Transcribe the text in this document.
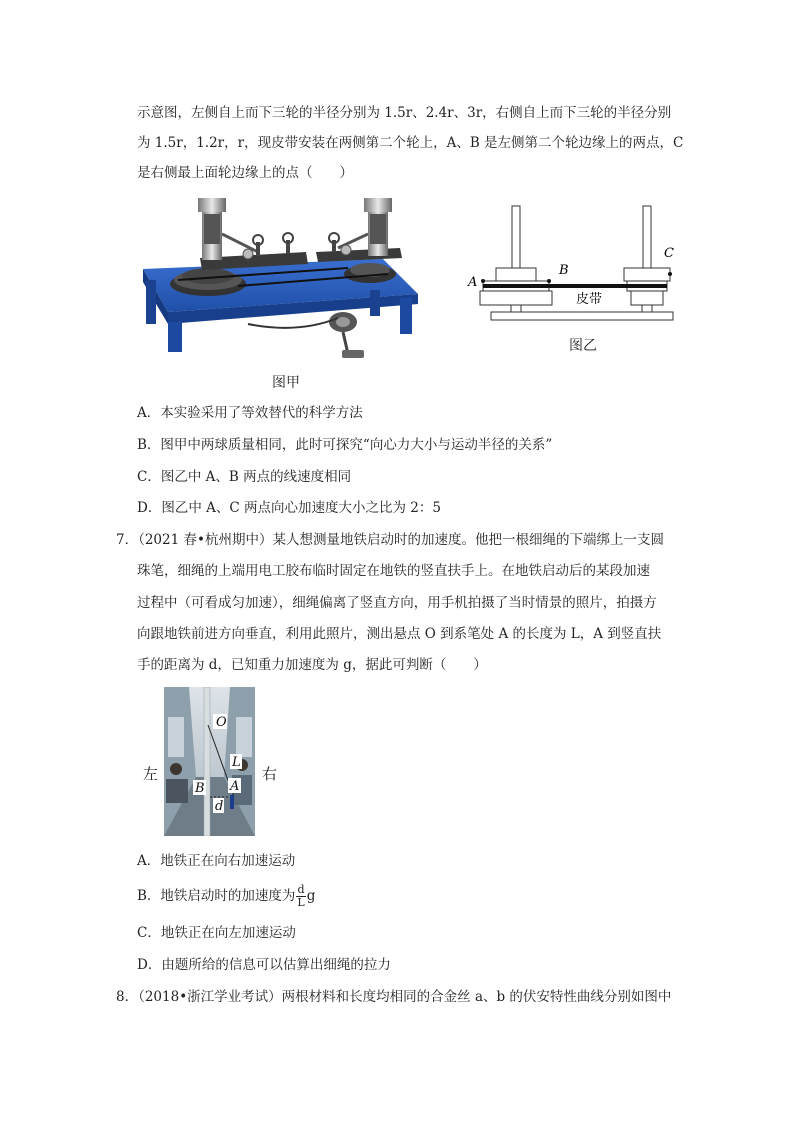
示意图，左侧自上而下三轮的半径分别为 1.5r、2.4r、3r，右侧自上而下三轮的半径分别
为 1.5r，1.2r，r，现皮带安装在两侧第二个轮上，A、B 是左侧第二个轮边缘上的两点，C
是右侧最上面轮边缘上的点（　　）
图甲
A
B
C
皮带
图乙
A．本实验采用了等效替代的科学方法
B．图甲中两球质量相同，此时可探究“向心力大小与运动半径的关系”
C．图乙中 A、B 两点的线速度相同
D．图乙中 A、C 两点向心加速度大小之比为 2：5
7．（2021 春•杭州期中）某人想测量地铁启动时的加速度。他把一根细绳的下端绑上一支圆
珠笔，细绳的上端用电工胶布临时固定在地铁的竖直扶手上。在地铁启动后的某段加速
过程中（可看成匀加速），细绳偏离了竖直方向，用手机拍摄了当时情景的照片，拍摄方
向跟地铁前进方向垂直，利用此照片，测出悬点 O 到系笔处 A 的长度为 L，A 到竖直扶
手的距离为 d，已知重力加速度为 g，据此可判断（　　）
左
O
L
A
B
d
右
A．地铁正在向右加速运动
B．地铁启动时的加速度为 $\frac{d}{L}$ g
C．地铁正在向左加速运动
D．由题所给的信息可以估算出细绳的拉力
8．（2018•浙江学业考试）两根材料和长度均相同的合金丝 a、b 的伏安特性曲线分别如图中
